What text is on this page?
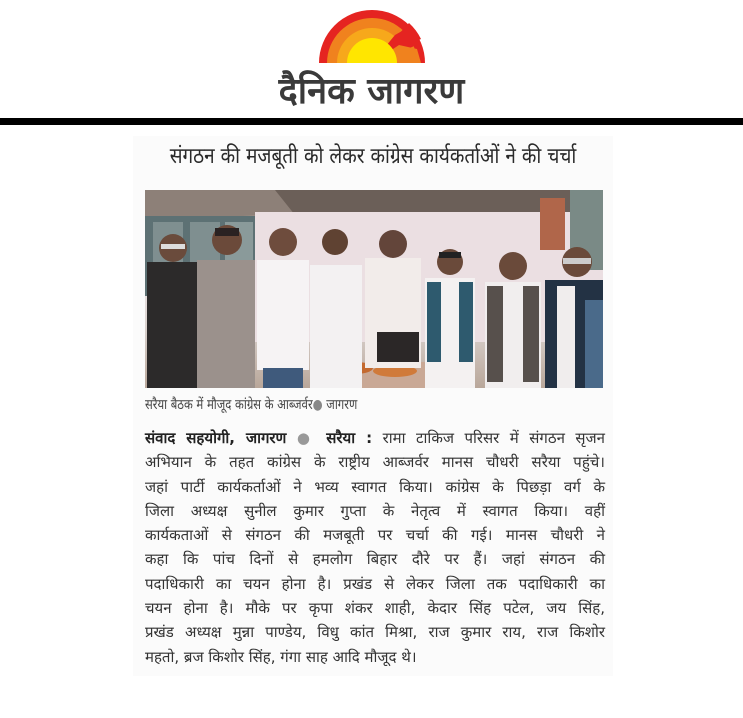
दैनिक जागरण
संगठन की मजबूती को लेकर कांग्रेस कार्यकर्ताओं ने की चर्चा
सरैया बैठक में मौजूद कांग्रेस के आब्जर्वर● जागरण
संवाद सहयोगी, जागरण ● सरैया : रामा टाकिज परिसर में संगठन सृजन
अभियान के तहत कांग्रेस के राष्ट्रीय आब्जर्वर मानस चौधरी सरैया पहुंचे।
जहां पार्टी कार्यकर्ताओं ने भव्य स्वागत किया। कांग्रेस के पिछड़ा वर्ग के
जिला अध्यक्ष सुनील कुमार गुप्ता के नेतृत्व में स्वागत किया। वहीं
कार्यकताओं से संगठन की मजबूती पर चर्चा की गई। मानस चौधरी ने
कहा कि पांच दिनों से हमलोग बिहार दौरे पर हैं। जहां संगठन की
पदाधिकारी का चयन होना है। प्रखंड से लेकर जिला तक पदाधिकारी का
चयन होना है। मौके पर कृपा शंकर शाही, केदार सिंह पटेल, जय सिंह,
प्रखंड अध्यक्ष मुन्ना पाण्डेय, विधु कांत मिश्रा, राज कुमार राय, राज किशोर
महतो, ब्रज किशोर सिंह, गंगा साह आदि मौजूद थे।
